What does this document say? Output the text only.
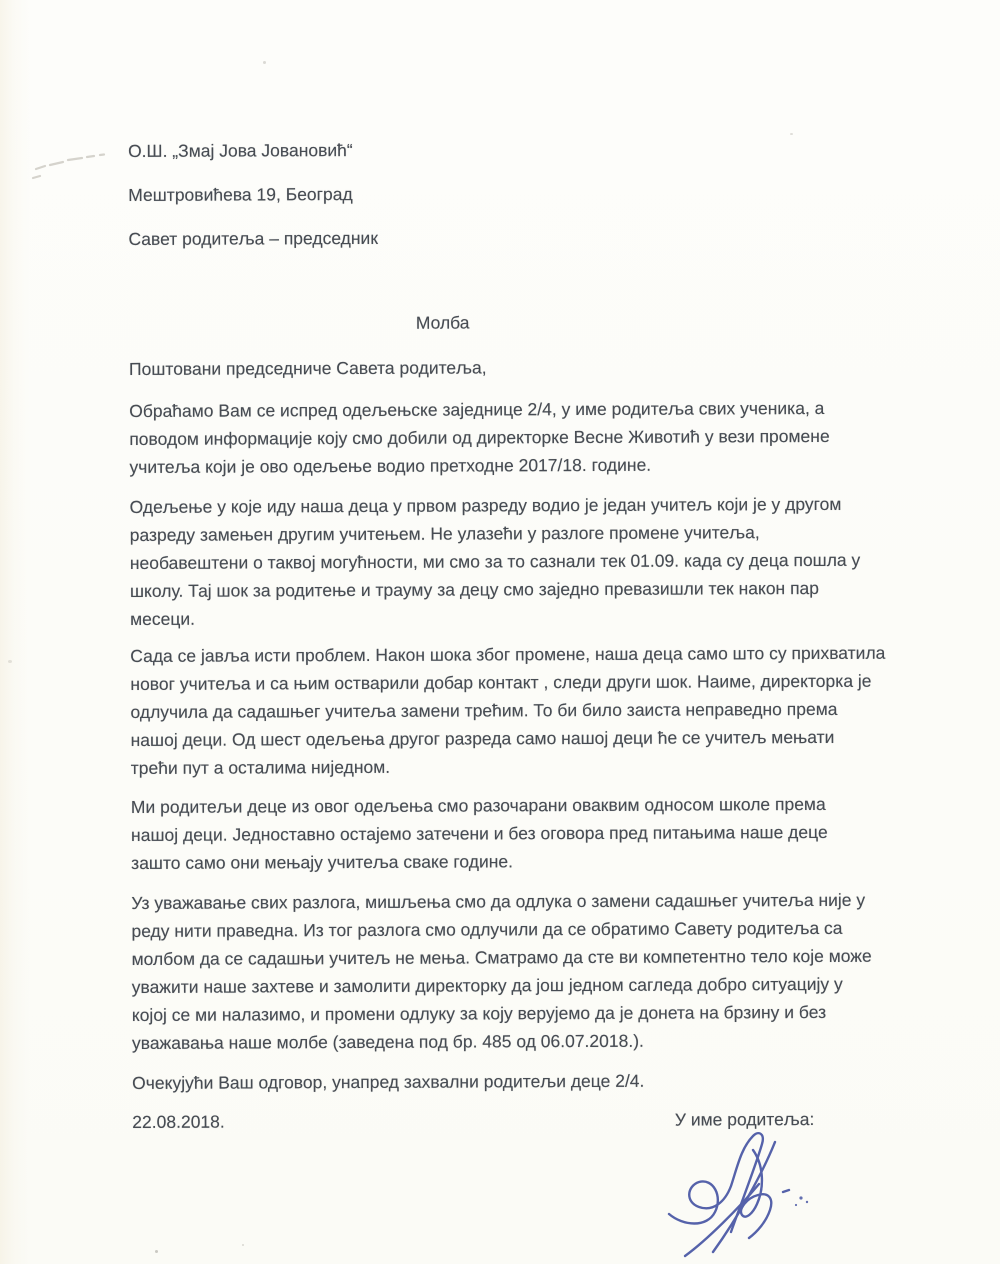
О.Ш. „Змај Јова Јовановић“
Мештровићева 19, Београд
Савет родитеља – председник
Молба
Поштовани председниче Савета родитеља,
Обраћамо Вам се испред одељењске заједнице 2/4, у име родитеља свих ученика, а
поводом информације коју смо добили од директорке Весне Животић у вези промене
учитеља који је ово одељење водио претходне 2017/18. године.
Одељење у које иду наша деца у првом разреду водио је један учитељ који је у другом
разреду замењен другим учитењем. Не улазећи у разлоге промене учитеља,
необавештени о таквој могућности, ми смо за то сазнали тек 01.09. када су деца пошла у
школу. Тај шок за родитење и трауму за децу смо заједно превазишли тек након пар
месеци.
Сада се јавља исти проблем. Након шока због промене, наша деца само што су прихватила
новог учитеља и са њим остварили добар контакт , следи други шок. Наиме, директорка је
одлучила да садашњег учитеља замени трећим. То би било заиста неправедно према
нашој деци. Од шест одељења другог разреда само нашој деци ће се учитељ мењати
трећи пут а осталима ниједном.
Ми родитељи деце из овог одељења смо разочарани оваквим односом школе према
нашој деци. Једноставно остајемо затечени и без оговора пред питањима наше деце
зашто само они мењају учитеља сваке године.
Уз уважавање свих разлога, мишљења смо да одлука о замени садашњег учитеља није у
реду нити праведна. Из тог разлога смо одлучили да се обратимо Савету родитеља са
молбом да се садашњи учитељ не мења. Сматрамо да сте ви компетентно тело које може
уважити наше захтеве и замолити директорку да још једном сагледа добро ситуацију у
којој се ми налазимо, и промени одлуку за коју верујемо да је донета на брзину и без
уважавања наше молбе (заведена под бр. 485 од 06.07.2018.).
Очекујући Ваш одговор, унапред захвални родитељи деце 2/4.
22.08.2018.	У име родитеља:
